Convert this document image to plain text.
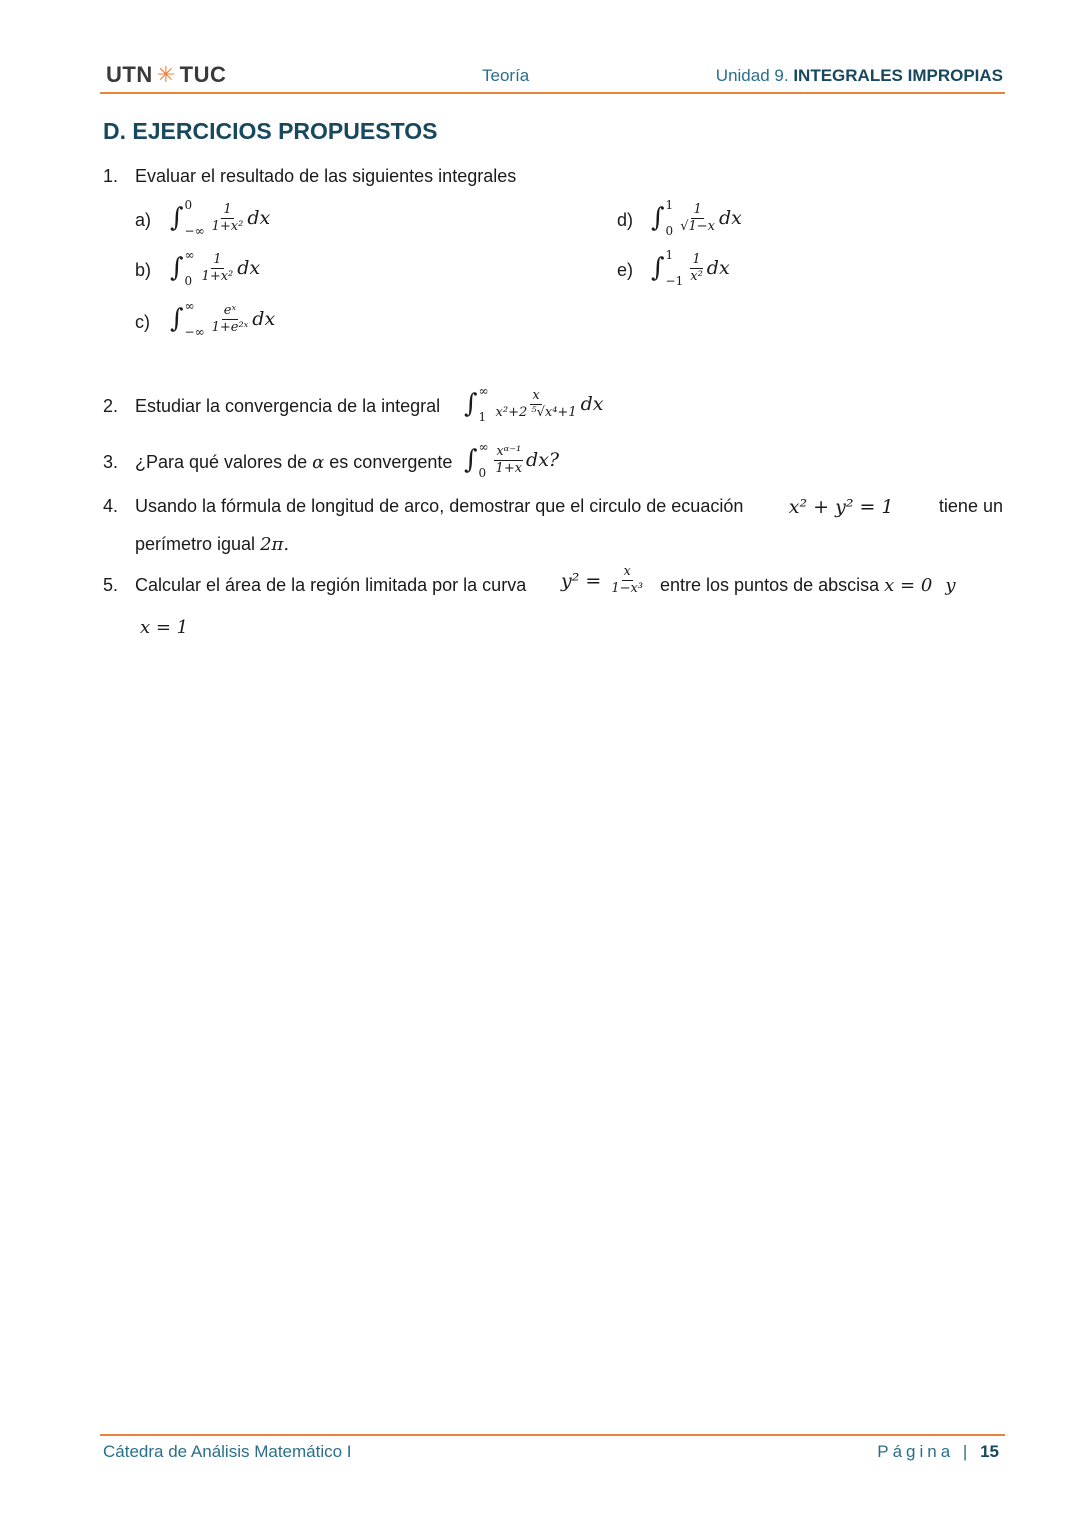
UTN ✳ TUC	Teoría	Unidad 9. INTEGRALES IMPROPIAS
D. EJERCICIOS PROPUESTOS
1. Evaluar el resultado de las siguientes integrales
a) ∫ 0
−∞ $\frac{1}{\text{1+x²}}$ dx
b) ∫ ∞
$0 \frac{1}{\text{1+x²}}$ dx
c) ∫ ∞
−∞ $\frac{\text{eˣ}}{\text{1+e²ˣ}}$ dx
d) ∫ 1
$0 \frac{1}{√1-x}$ dx
e) ∫ 1
$-1 \frac{1}{\text{x²}}$ dx
2. Estudiar la convergencia de la integral ∫ ∞
$1 \frac{x}{\text{x²+2 ⁵√x⁴+1}}$ dx
3. ¿Para qué valores de α es convergente ∫ ∞
$0 \frac{\text{xᵅ⁻¹}}{1+x}$ dx?
4. Usando la fórmula de longitud de arco, demostrar que el circulo de ecuación x² + y² = 1	tiene un
perímetro igual 2π.
5. Calcular el área de la región limitada por la curva $y^2 = \frac{x}{\text{1−x³}}$ entre los puntos de abscisa x = 0 y
x = 1
Cátedra de Análisis Matemático I	Página | 15
